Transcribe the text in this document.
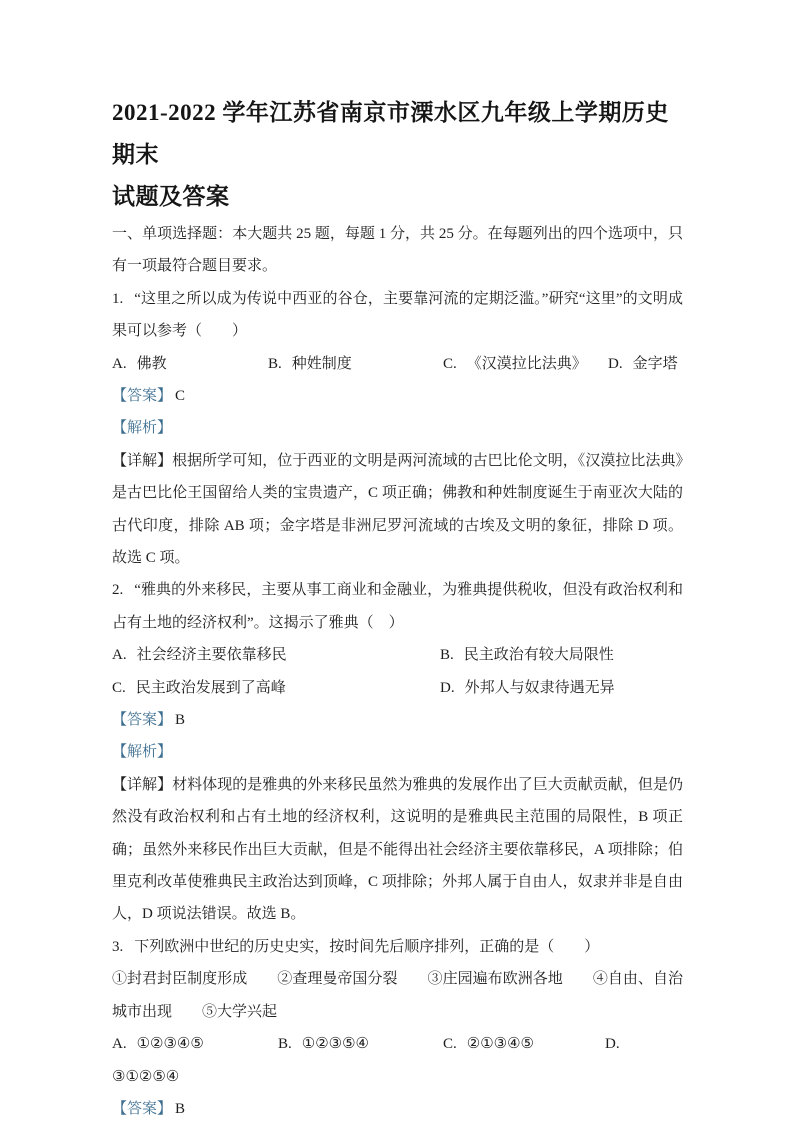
2021-2022 学年江苏省南京市溧水区九年级上学期历史期末
试题及答案

一、单项选择题：本大题共 25 题，每题 1 分，共 25 分。在每题列出的四个选项中，只有一项最符合题目要求。

1. “这里之所以成为传说中西亚的谷仓，主要靠河流的定期泛滥。”研究“这里”的文明成果可以参考（　　）

A. 佛教	B. 种姓制度	C. 《汉漠拉比法典》 D. 金字塔

【答案】 C

【解析】

【详解】根据所学可知，位于西亚的文明是两河流域的古巴比伦文明，《汉漠拉比法典》是古巴比伦王国留给人类的宝贵遗产，C 项正确；佛教和种姓制度诞生于南亚次大陆的古代印度，排除 AB 项；金字塔是非洲尼罗河流域的古埃及文明的象征，排除 D 项。故选 C 项。

2. “雅典的外来移民，主要从事工商业和金融业，为雅典提供税收，但没有政治权利和占有土地的经济权利”。这揭示了雅典（　）

A. 社会经济主要依靠移民	B. 民主政治有较大局限性
C. 民主政治发展到了高峰	D. 外邦人与奴隶待遇无异

【答案】 B

【解析】

【详解】材料体现的是雅典的外来移民虽然为雅典的发展作出了巨大贡献贡献，但是仍然没有政治权利和占有土地的经济权利，这说明的是雅典民主范围的局限性，B 项正确；虽然外来移民作出巨大贡献，但是不能得出社会经济主要依靠移民，A 项排除；伯里克利改革使雅典民主政治达到顶峰，C 项排除；外邦人属于自由人，奴隶并非是自由人，D 项说法错误。故选 B。

3. 下列欧洲中世纪的历史史实，按时间先后顺序排列，正确的是（　　）

①封君封臣制度形成　　②查理曼帝国分裂　　③庄园遍布欧洲各地　　④自由、自治城市出现　　⑤大学兴起

A. ①②③④⑤	B. ①②③⑤④	C. ②①③④⑤	D.

③①②⑤④

【答案】 B
